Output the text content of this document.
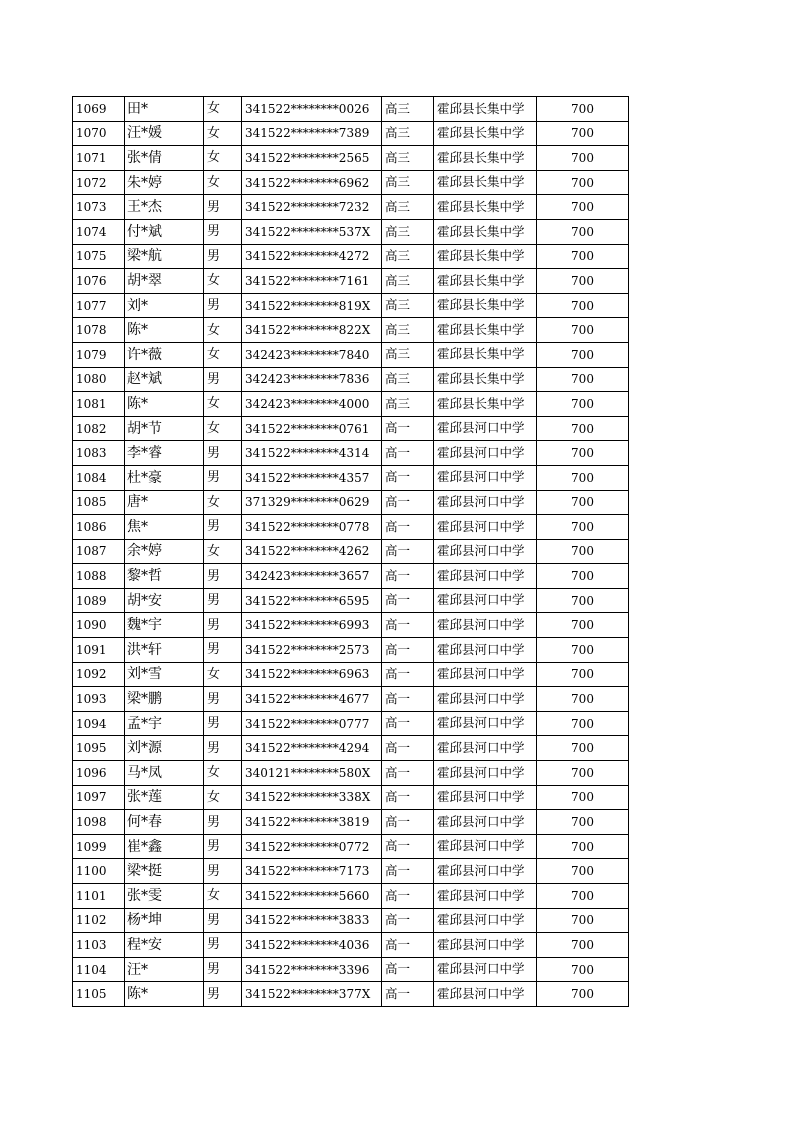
1069	田*	女	341522********0026	高三	霍邱县长集中学	700
1070	汪*媛	女	341522********7389	高三	霍邱县长集中学	700
1071	张*倩	女	341522********2565	高三	霍邱县长集中学	700
1072	朱*婷	女	341522********6962	高三	霍邱县长集中学	700
1073	王*杰	男	341522********7232	高三	霍邱县长集中学	700
1074	付*斌	男	341522********537X	高三	霍邱县长集中学	700
1075	梁*航	男	341522********4272	高三	霍邱县长集中学	700
1076	胡*翠	女	341522********7161	高三	霍邱县长集中学	700
1077	刘*	男	341522********819X	高三	霍邱县长集中学	700
1078	陈*	女	341522********822X	高三	霍邱县长集中学	700
1079	许*薇	女	342423********7840	高三	霍邱县长集中学	700
1080	赵*斌	男	342423********7836	高三	霍邱县长集中学	700
1081	陈*	女	342423********4000	高三	霍邱县长集中学	700
1082	胡*节	女	341522********0761	高一	霍邱县河口中学	700
1083	李*睿	男	341522********4314	高一	霍邱县河口中学	700
1084	杜*豪	男	341522********4357	高一	霍邱县河口中学	700
1085	唐*	女	371329********0629	高一	霍邱县河口中学	700
1086	焦*	男	341522********0778	高一	霍邱县河口中学	700
1087	余*婷	女	341522********4262	高一	霍邱县河口中学	700
1088	黎*哲	男	342423********3657	高一	霍邱县河口中学	700
1089	胡*安	男	341522********6595	高一	霍邱县河口中学	700
1090	魏*宇	男	341522********6993	高一	霍邱县河口中学	700
1091	洪*轩	男	341522********2573	高一	霍邱县河口中学	700
1092	刘*雪	女	341522********6963	高一	霍邱县河口中学	700
1093	梁*鹏	男	341522********4677	高一	霍邱县河口中学	700
1094	孟*宇	男	341522********0777	高一	霍邱县河口中学	700
1095	刘*源	男	341522********4294	高一	霍邱县河口中学	700
1096	马*凤	女	340121********580X	高一	霍邱县河口中学	700
1097	张*莲	女	341522********338X	高一	霍邱县河口中学	700
1098	何*春	男	341522********3819	高一	霍邱县河口中学	700
1099	崔*鑫	男	341522********0772	高一	霍邱县河口中学	700
1100	梁*挺	男	341522********7173	高一	霍邱县河口中学	700
1101	张*雯	女	341522********5660	高一	霍邱县河口中学	700
1102	杨*坤	男	341522********3833	高一	霍邱县河口中学	700
1103	程*安	男	341522********4036	高一	霍邱县河口中学	700
1104	汪*	男	341522********3396	高一	霍邱县河口中学	700
1105	陈*	男	341522********377X	高一	霍邱县河口中学	700
